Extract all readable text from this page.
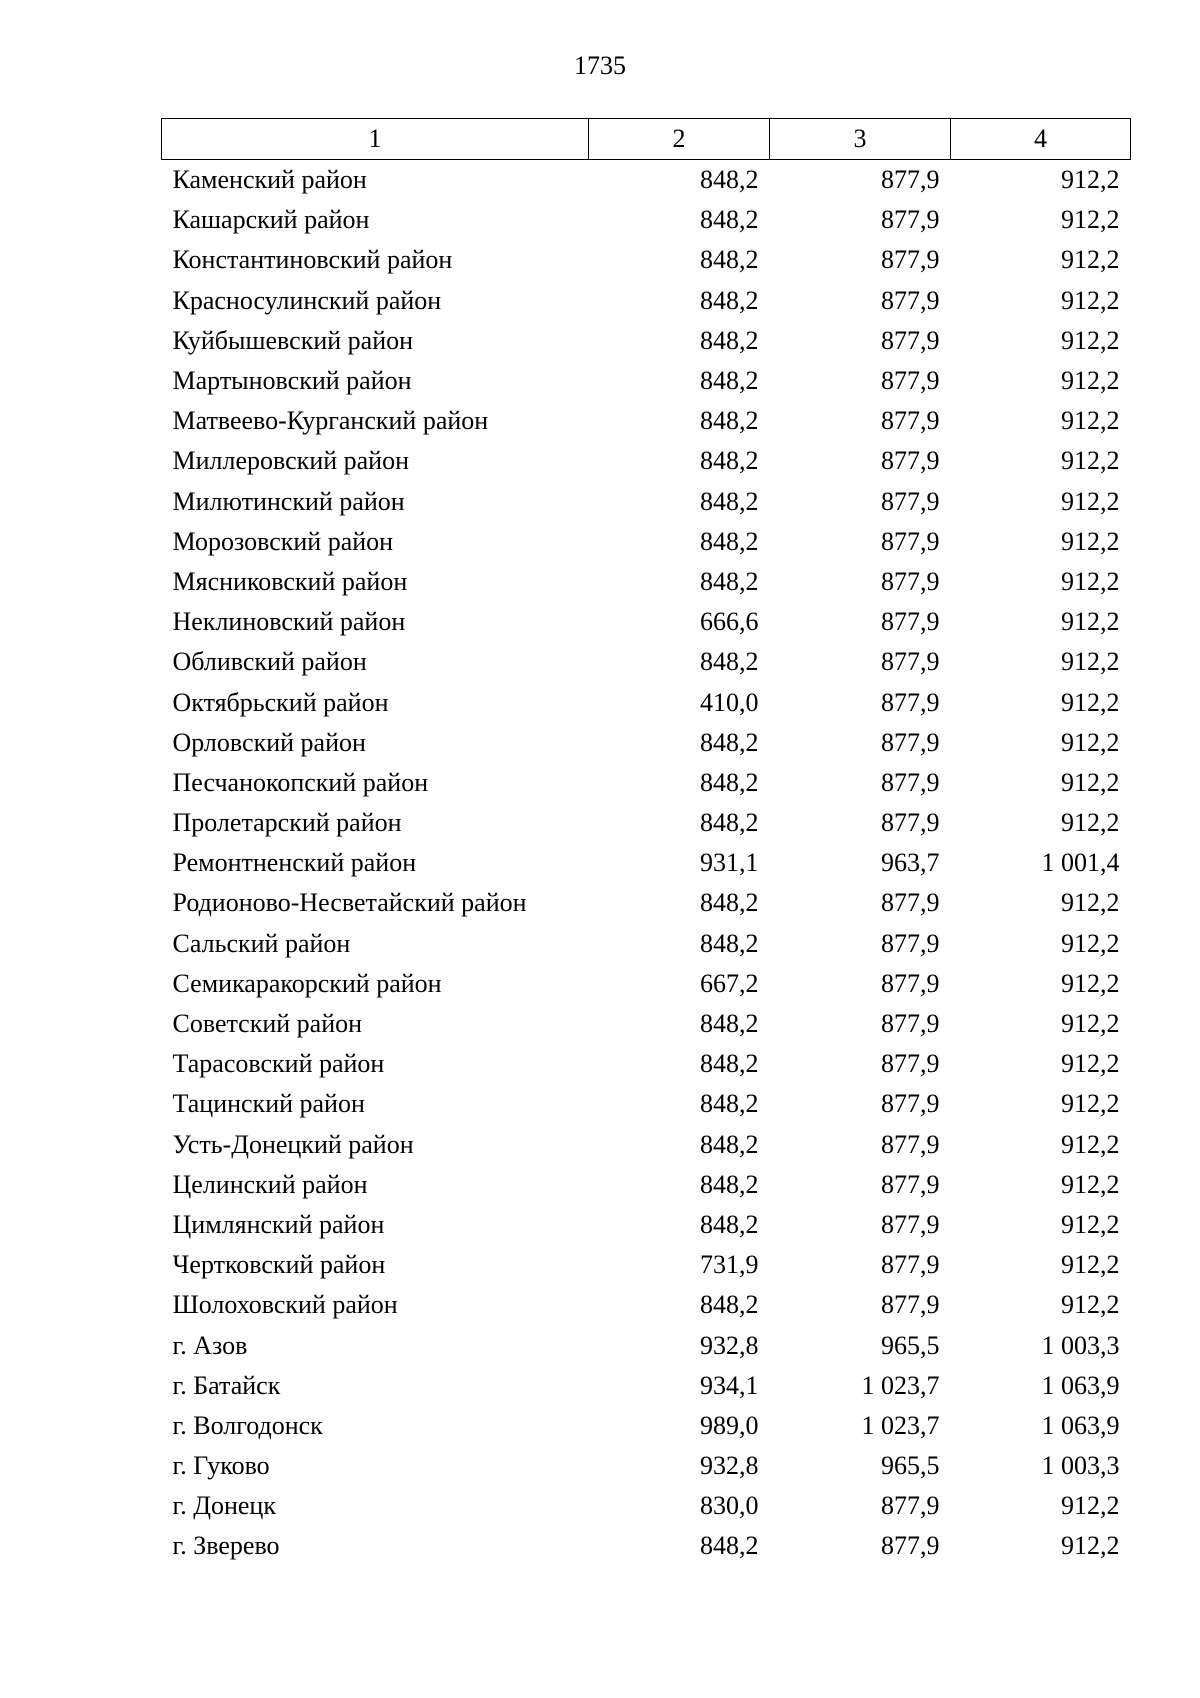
1735
1	2	3	4
Каменский район	848,2	877,9	912,2
Кашарский район	848,2	877,9	912,2
Константиновский район	848,2	877,9	912,2
Красносулинский район	848,2	877,9	912,2
Куйбышевский район	848,2	877,9	912,2
Мартыновский район	848,2	877,9	912,2
Матвеево-Курганский район	848,2	877,9	912,2
Миллеровский район	848,2	877,9	912,2
Милютинский район	848,2	877,9	912,2
Морозовский район	848,2	877,9	912,2
Мясниковский район	848,2	877,9	912,2
Неклиновский район	666,6	877,9	912,2
Обливский район	848,2	877,9	912,2
Октябрьский район	410,0	877,9	912,2
Орловский район	848,2	877,9	912,2
Песчанокопский район	848,2	877,9	912,2
Пролетарский район	848,2	877,9	912,2
Ремонтненский район	931,1	963,7	1 001,4
Родионово-Несветайский район	848,2	877,9	912,2
Сальский район	848,2	877,9	912,2
Семикаракорский район	667,2	877,9	912,2
Советский район	848,2	877,9	912,2
Тарасовский район	848,2	877,9	912,2
Тацинский район	848,2	877,9	912,2
Усть-Донецкий район	848,2	877,9	912,2
Целинский район	848,2	877,9	912,2
Цимлянский район	848,2	877,9	912,2
Чертковский район	731,9	877,9	912,2
Шолоховский район	848,2	877,9	912,2
г. Азов	932,8	965,5	1 003,3
г. Батайск	934,1	1 023,7	1 063,9
г. Волгодонск	989,0	1 023,7	1 063,9
г. Гуково	932,8	965,5	1 003,3
г. Донецк	830,0	877,9	912,2
г. Зверево	848,2	877,9	912,2
